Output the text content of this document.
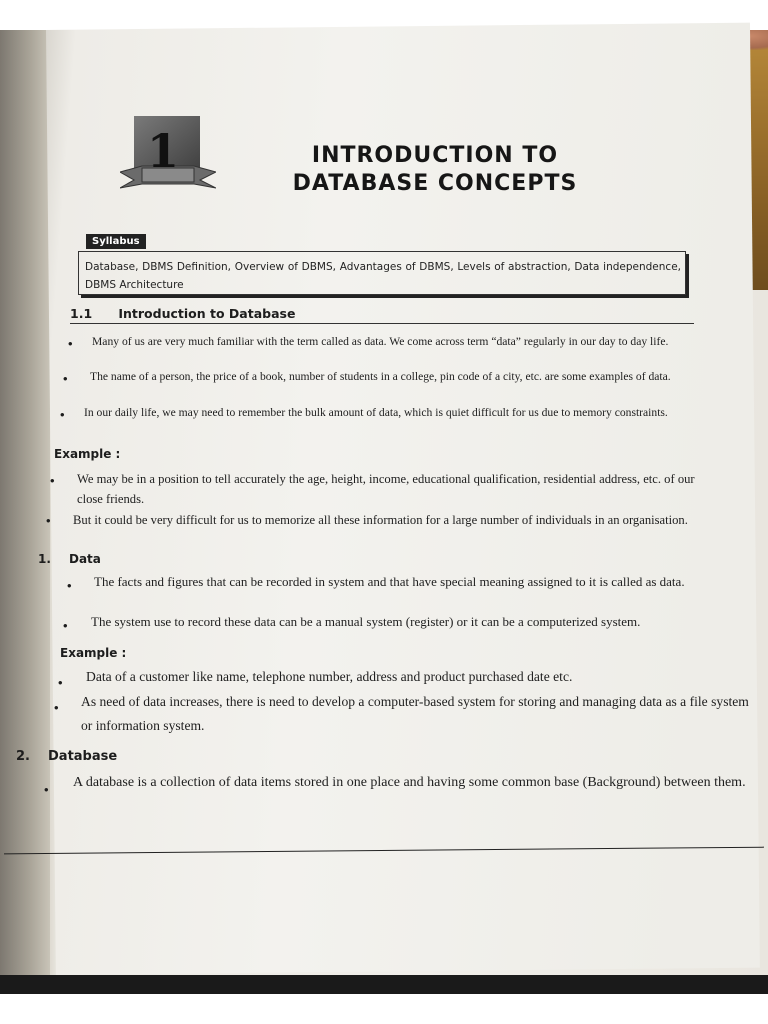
1	INTRODUCTION TO
DATABASE CONCEPTS
Syllabus
Database, DBMS Definition, Overview of DBMS, Advantages of DBMS, Levels of abstraction, Data independence, DBMS Architecture
1.1 Introduction to Database
• Many of us are very much familiar with the term called as data. We come across term “data” regularly in our day to day life.
• The name of a person, the price of a book, number of students in a college, pin code of a city, etc. are some examples of data.
• In our daily life, we may need to remember the bulk amount of data, which is quiet difficult for us due to memory constraints.
Example :
• We may be in a position to tell accurately the age, height, income, educational qualification, residential address, etc. of our close friends.
• But it could be very difficult for us to memorize all these information for a large number of individuals in an organisation.
1. Data
• The facts and figures that can be recorded in system and that have special meaning assigned to it is called as data.
• The system use to record these data can be a manual system (register) or it can be a computerized system.
Example :
• Data of a customer like name, telephone number, address and product purchased date etc.
• As need of data increases, there is need to develop a computer-based system for storing and managing data as a file system or information system.
2. Database
• A database is a collection of data items stored in one place and having some common base (Background) between them.
